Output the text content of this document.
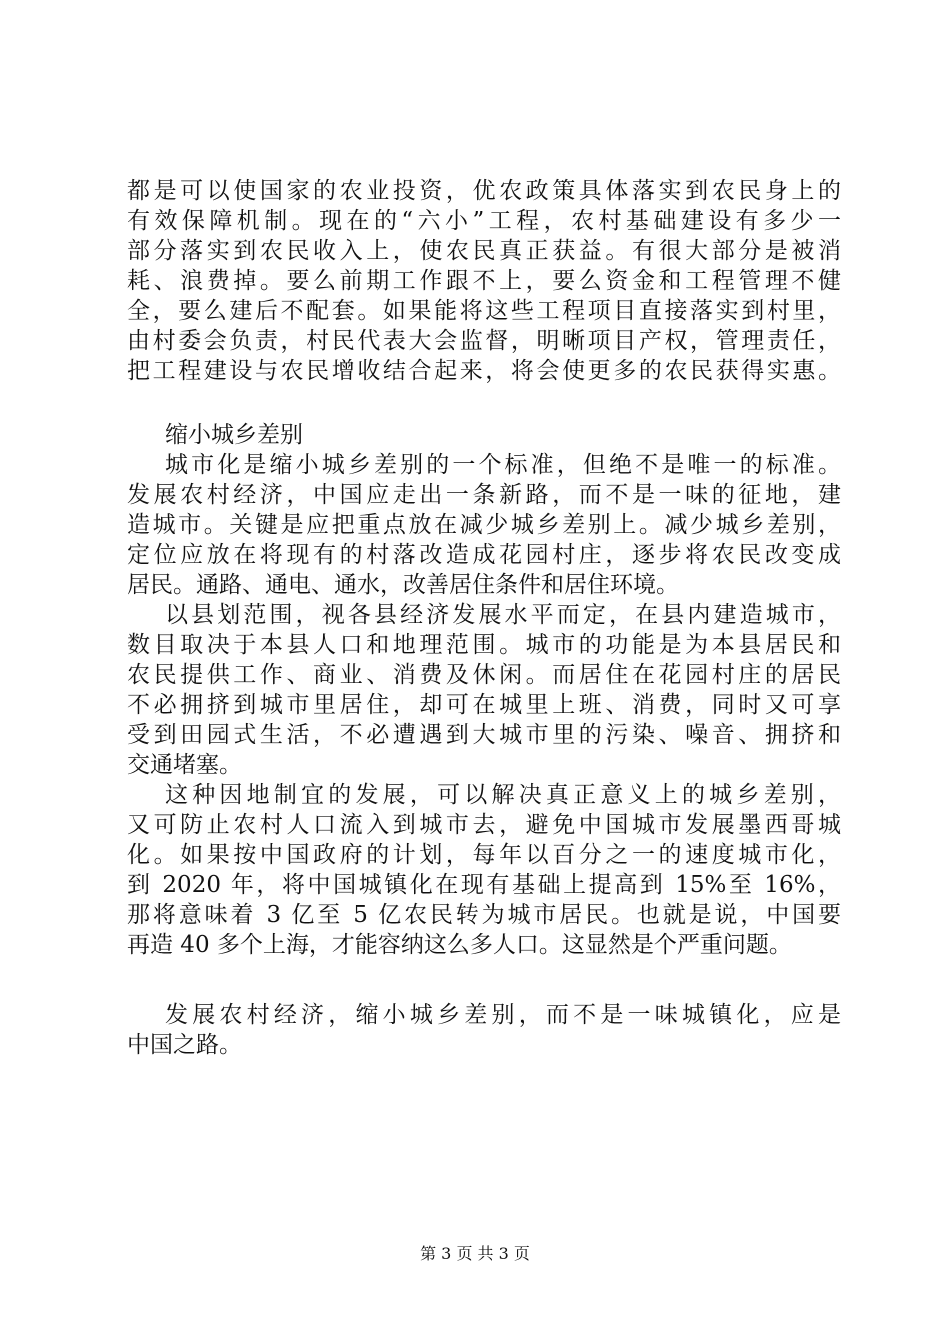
都是可以使国家的农业投资，优农政策具体落实到农民身上的
有效保障机制。现在的“六小”工程，农村基础建设有多少一
部分落实到农民收入上，使农民真正获益。有很大部分是被消
耗、浪费掉。要么前期工作跟不上，要么资金和工程管理不健
全，要么建后不配套。如果能将这些工程项目直接落实到村里，
由村委会负责，村民代表大会监督，明晰项目产权，管理责任，
把工程建设与农民增收结合起来，将会使更多的农民获得实惠。
缩小城乡差别
城市化是缩小城乡差别的一个标准，但绝不是唯一的标准。
发展农村经济，中国应走出一条新路，而不是一味的征地，建
造城市。关键是应把重点放在减少城乡差别上。减少城乡差别，
定位应放在将现有的村落改造成花园村庄，逐步将农民改变成
居民。通路、通电、通水，改善居住条件和居住环境。
以县划范围，视各县经济发展水平而定，在县内建造城市，
数目取决于本县人口和地理范围。城市的功能是为本县居民和
农民提供工作、商业、消费及休闲。而居住在花园村庄的居民
不必拥挤到城市里居住，却可在城里上班、消费，同时又可享
受到田园式生活，不必遭遇到大城市里的污染、噪音、拥挤和
交通堵塞。
这种因地制宜的发展，可以解决真正意义上的城乡差别，
又可防止农村人口流入到城市去，避免中国城市发展墨西哥城
化。如果按中国政府的计划，每年以百分之一的速度城市化，
到 2020 年，将中国城镇化在现有基础上提高到 15%至 16%，
那将意味着 3 亿至 5 亿农民转为城市居民。也就是说，中国要
再造 40 多个上海，才能容纳这么多人口。这显然是个严重问题。
发展农村经济，缩小城乡差别，而不是一味城镇化，应是
中国之路。
第 3 页 共 3 页
